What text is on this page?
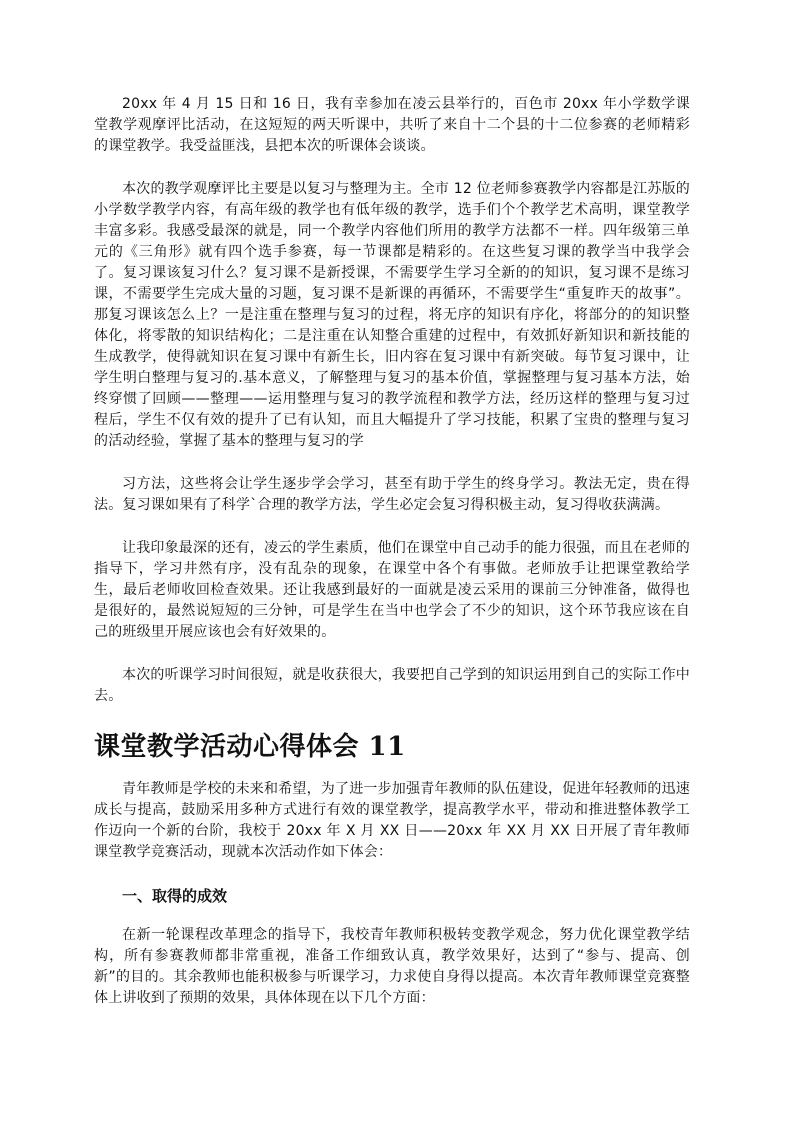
20xx 年 4 月 15 日和 16 日，我有幸参加在凌云县举行的，百色市 20xx 年小学数学课堂教学观摩评比活动，在这短短的两天听课中，共听了来自十二个县的十二位参赛的老师精彩的课堂教学。我受益匪浅，县把本次的听课体会谈谈。

本次的教学观摩评比主要是以复习与整理为主。全市 12 位老师参赛教学内容都是江苏版的小学数学教学内容，有高年级的教学也有低年级的教学，选手们个个教学艺术高明，课堂教学丰富多彩。我感受最深的就是，同一个教学内容他们所用的教学方法都不一样。四年级第三单元的《三角形》就有四个选手参赛，每一节课都是精彩的。在这些复习课的教学当中我学会了。复习课该复习什么？复习课不是新授课，不需要学生学习全新的的知识，复习课不是练习课，不需要学生完成大量的习题，复习课不是新课的再循环，不需要学生“重复昨天的故事”。那复习课该怎么上？一是注重在整理与复习的过程，将无序的知识有序化，将部分的的知识整体化，将零散的知识结构化；二是注重在认知整合重建的过程中，有效抓好新知识和新技能的生成教学，使得就知识在复习课中有新生长，旧内容在复习课中有新突破。每节复习课中，让学生明白整理与复习的.基本意义，了解整理与复习的基本价值，掌握整理与复习基本方法，始终穿惯了回顾——整理——运用整理与复习的教学流程和教学方法，经历这样的整理与复习过程后，学生不仅有效的提升了已有认知，而且大幅提升了学习技能，积累了宝贵的整理与复习的活动经验，掌握了基本的整理与复习的学

习方法，这些将会让学生逐步学会学习，甚至有助于学生的终身学习。教法无定，贵在得法。复习课如果有了科学`合理的教学方法，学生必定会复习得积极主动，复习得收获满满。

让我印象最深的还有，凌云的学生素质，他们在课堂中自己动手的能力很强，而且在老师的指导下，学习井然有序，没有乱杂的现象，在课堂中各个有事做。老师放手让把课堂教给学生，最后老师收回检查效果。还让我感到最好的一面就是凌云采用的课前三分钟准备，做得也是很好的，最然说短短的三分钟，可是学生在当中也学会了不少的知识，这个环节我应该在自己的班级里开展应该也会有好效果的。

本次的听课学习时间很短，就是收获很大，我要把自己学到的知识运用到自己的实际工作中去。

课堂教学活动心得体会 11

青年教师是学校的未来和希望，为了进一步加强青年教师的队伍建设，促进年轻教师的迅速成长与提高，鼓励采用多种方式进行有效的课堂教学，提高教学水平，带动和推进整体教学工作迈向一个新的台阶，我校于 20xx 年 X 月 XX 日——20xx 年 XX 月 XX 日开展了青年教师课堂教学竞赛活动，现就本次活动作如下体会：

一、取得的成效

在新一轮课程改革理念的指导下，我校青年教师积极转变教学观念，努力优化课堂教学结构，所有参赛教师都非常重视，准备工作细致认真，教学效果好，达到了“参与、提高、创新”的目的。其余教师也能积极参与听课学习，力求使自身得以提高。本次青年教师课堂竞赛整体上讲收到了预期的效果，具体体现在以下几个方面：
